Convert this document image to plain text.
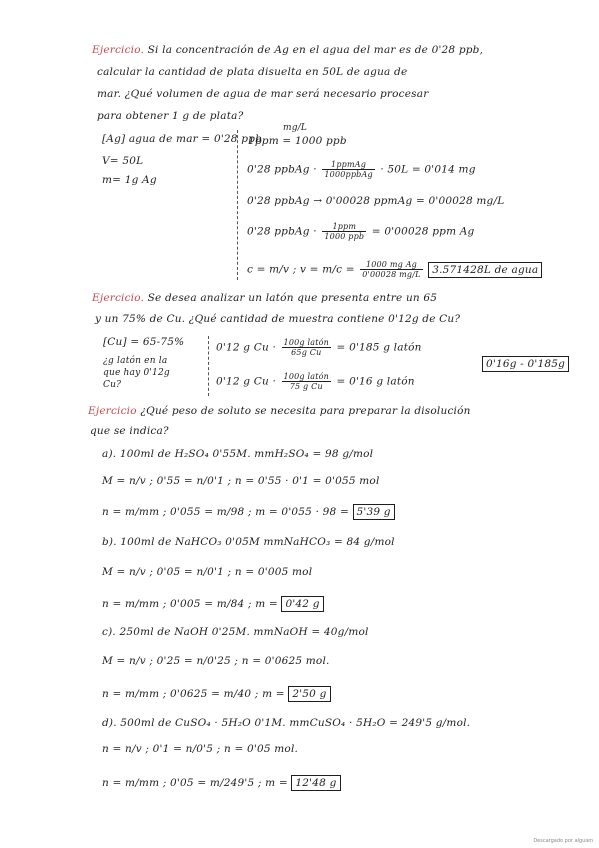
Ejercicio. Si la concentración de Ag en el agua del mar es de 0'28 ppb,
calcular la cantidad de plata disuelta en 50L de agua de
mar. ¿Qué volumen de agua de mar será necesario procesar
para obtener 1 g de plata?
[Ag] agua de mar = 0'28 ppb
V= 50L
m= 1g Ag
mg/L
1ppm = 1000 ppb
0'28 ppbAg · $\frac{\text{1ppmAg}}{\text{1000ppbAg}} \cdot 50L = 0'014$ mg
0'28 ppbAg → 0'00028 ppmAg = 0'00028 mg/L
0'28 ppbAg · $\frac{\text{1ppm}}{\text{1000 ppb}} = 0'00028$ ppm Ag
c = m/v ; $v = m/c = \frac{\text{1000 mg Ag}}{0'00028 mg/L} 3.571428L$ de agua
Ejercicio. Se desea analizar un latón que presenta entre un 65
y un 75% de Cu. ¿Qué cantidad de muestra contiene 0'12g de Cu?
[Cu] = 65-75%
¿g latón en la
que hay 0'12g
Cu?
0'12 g $Cu \cdot \frac{\text{100g latón}}{\text{65g Cu}} = 0'185$ g latón
0'12 g $Cu \cdot \frac{\text{100g latón}}{\text{75 g Cu}} = 0'16$ g latón
0'16g - 0'185g
Ejercicio ¿Qué peso de soluto se necesita para preparar la disolución
que se indica?
a). 100ml de H₂SO₄ 0'55M. mmH₂SO₄ = 98 g/mol
M = n/v ; 0'55 = n/0'1 ; n = 0'55 · 0'1 = 0'055 mol
n = m/mm ; 0'055 = m/98 ; m = 0'055 · 98 = 5'39 g
b). 100ml de NaHCO₃ 0'05M mmNaHCO₃ = 84 g/mol
M = n/v ; 0'05 = n/0'1 ; n = 0'005 mol
n = m/mm ; 0'005 = m/84 ; m = 0'42 g
c). 250ml de NaOH 0'25M. mmNaOH = 40g/mol
M = n/v ; 0'25 = n/0'25 ; n = 0'0625 mol.
n = m/mm ; 0'0625 = m/40 ; m = 2'50 g
d). 500ml de CuSO₄ · 5H₂O 0'1M. mmCuSO₄ · 5H₂O = 249'5 g/mol.
n = n/v ; 0'1 = n/0'5 ; n = 0'05 mol.
n = m/mm ; 0'05 = m/249'5 ; m = 12'48 g
Descargado por alguien
